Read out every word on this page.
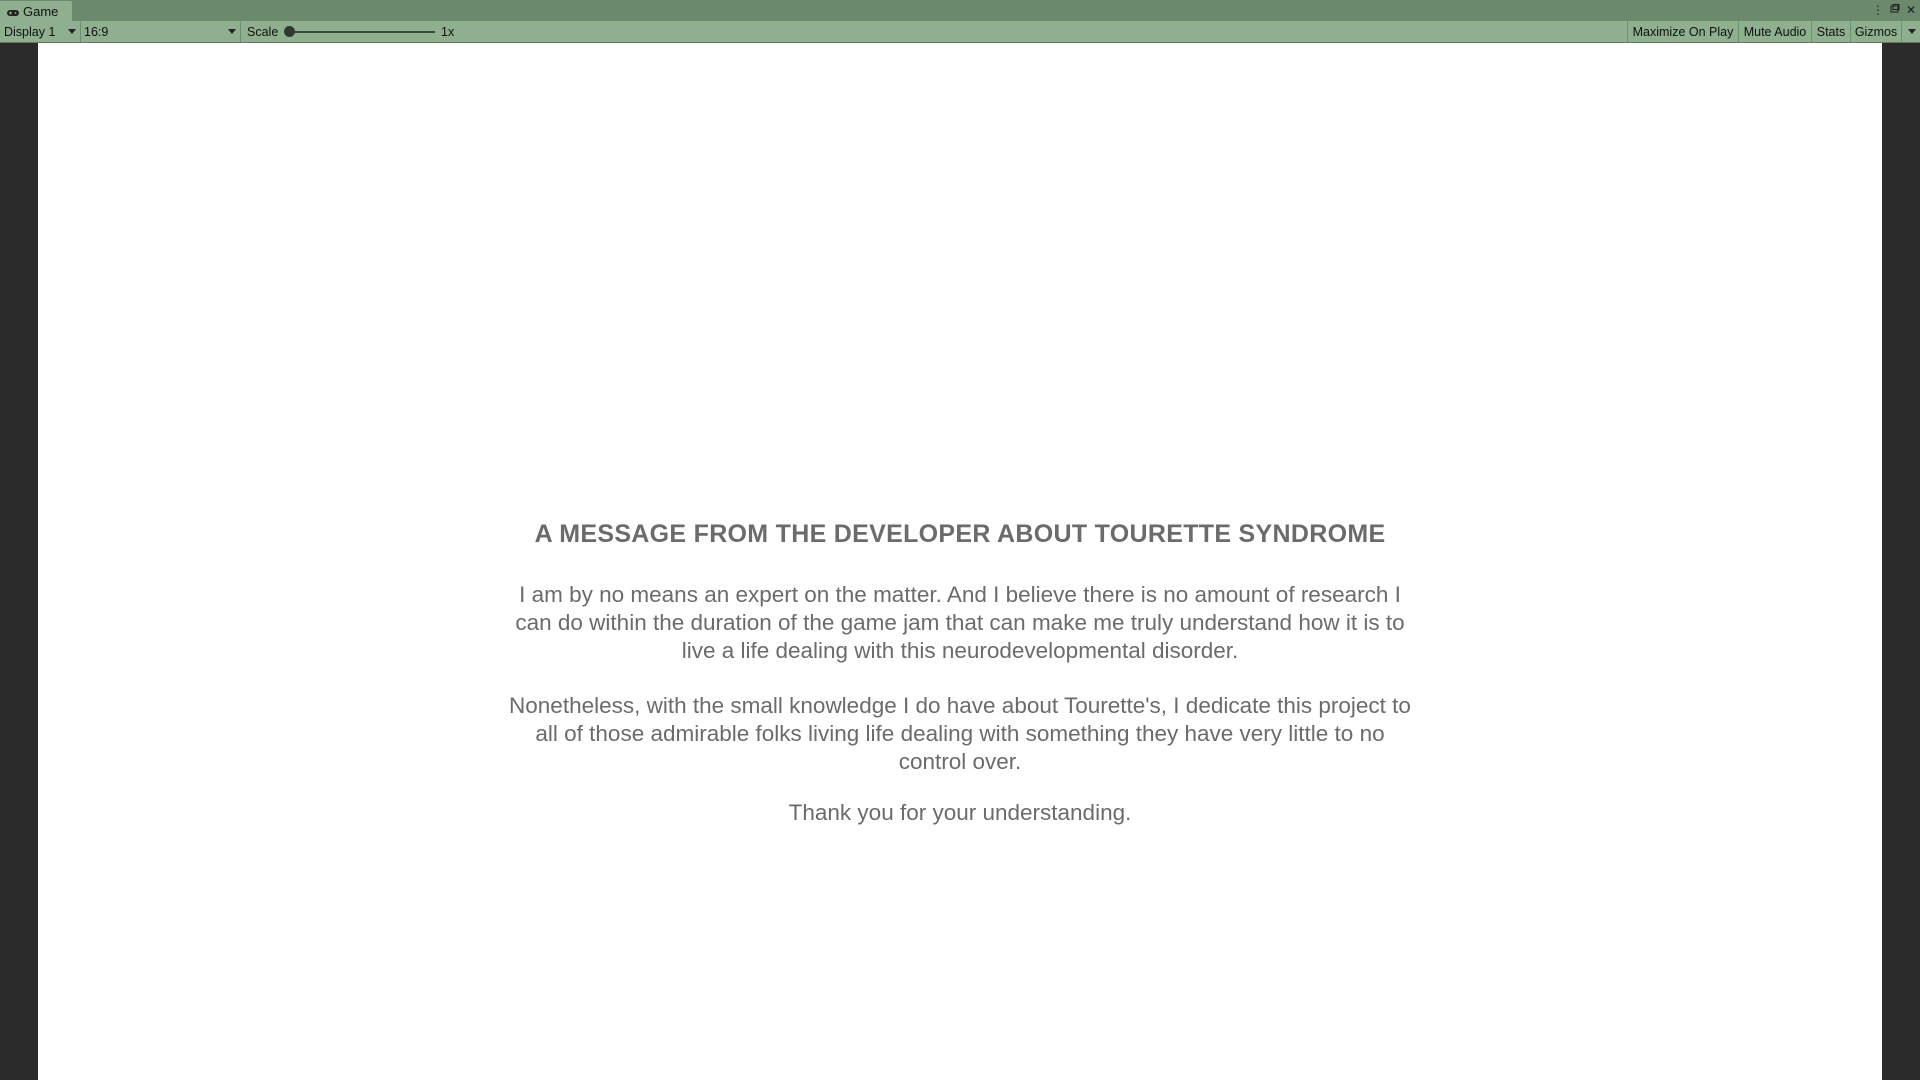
Game	⋮ ✕
Display 1 16:9	Scale	1x	Maximize On Play Mute Audio Stats Gizmos
A MESSAGE FROM THE DEVELOPER ABOUT TOURETTE SYNDROME
I am by no means an expert on the matter. And I believe there is no amount of research I can do within the duration of the game jam that can make me truly understand how it is to live a life dealing with this neurodevelopmental disorder.
Nonetheless, with the small knowledge I do have about Tourette's, I dedicate this project to all of those admirable folks living life dealing with something they have very little to no control over.
Thank you for your understanding.
